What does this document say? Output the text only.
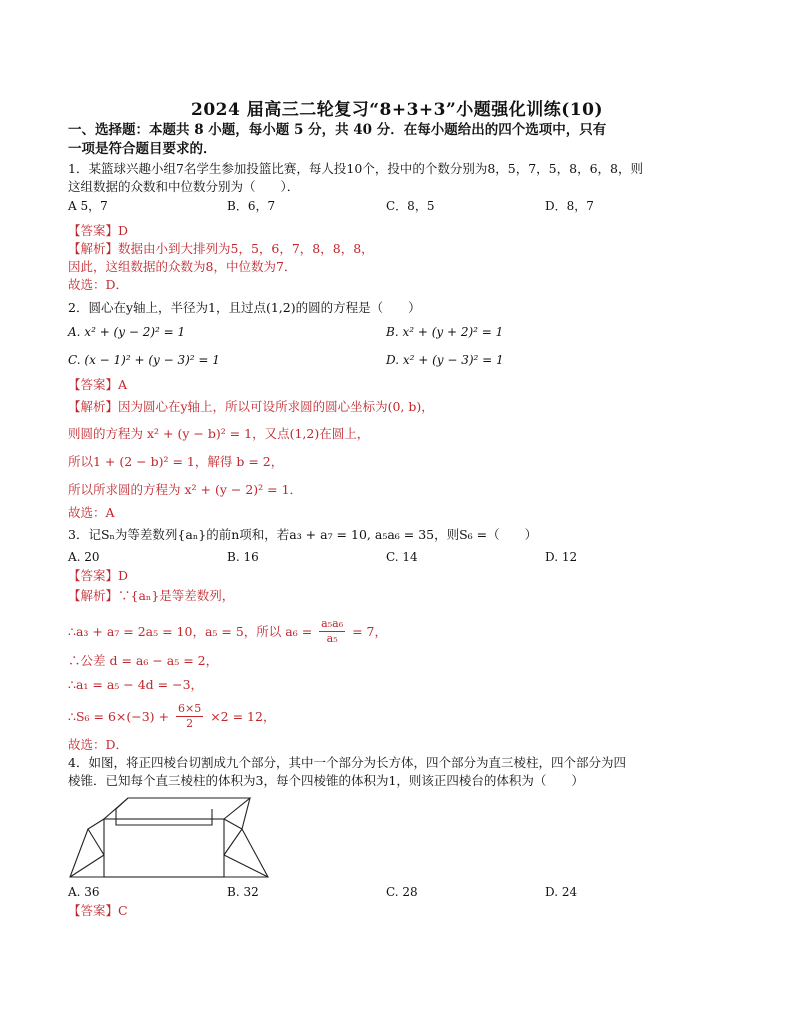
2024 届高三二轮复习“8+3+3”小题强化训练(10)
一、选择题：本题共 8 小题，每小题 5 分，共 40 分．在每小题给出的四个选项中，只有
一项是符合题目要求的．
1．某篮球兴趣小组7名学生参加投篮比赛，每人投10个，投中的个数分别为8，5，7，5，8，6，8，则
这组数据的众数和中位数分别为（　　）．
A 5，7	B．6，7	C．8，5	D．8，7
【答案】D
【解析】数据由小到大排列为5，5，6，7，8，8，8，
因此，这组数据的众数为8，中位数为7．
故选：D．
2．圆心在y轴上，半径为1，且过点(1,2)的圆的方程是（　　）
A. x² + (y − 2)² = 1	B. x² + (y + 2)² = 1
C. (x − 1)² + (y − 3)² = 1	D. x² + (y − 3)² = 1
【答案】A
【解析】因为圆心在y轴上，所以可设所求圆的圆心坐标为(0, b)，
则圆的方程为 x² + (y − b)² = 1，又点(1,2)在圆上，
所以1 + (2 − b)² = 1，解得 b = 2，
所以所求圆的方程为 x² + (y − 2)² = 1．
故选：A
3．记Sₙ为等差数列{aₙ}的前n项和，若a₃ + a₇ = 10, a₅a₆ = 35，则S₆ =（　　）
A. 20	B. 16	C. 14	D. 12
【答案】D
【解析】∵{aₙ}是等差数列，
∴a₃ + a₇ = 2a₅ = 10，a₅ = 5，所以 $a_6 = \frac{\text{a₅a₆}}{\text{a₅}} = 7$，
∴公差 d = a₆ − a₅ = 2，
∴a₁ = a₅ − 4d = −3，
∴S₆ = $6\times(-3) + \frac{6\times 5}{2} \times 2 = 12$，
故选：D．
4．如图，将正四棱台切割成九个部分，其中一个部分为长方体，四个部分为直三棱柱，四个部分为四
棱锥．已知每个直三棱柱的体积为3，每个四棱锥的体积为1，则该正四棱台的体积为（　　）
A. 36	B. 32	C. 28	D. 24
【答案】C
